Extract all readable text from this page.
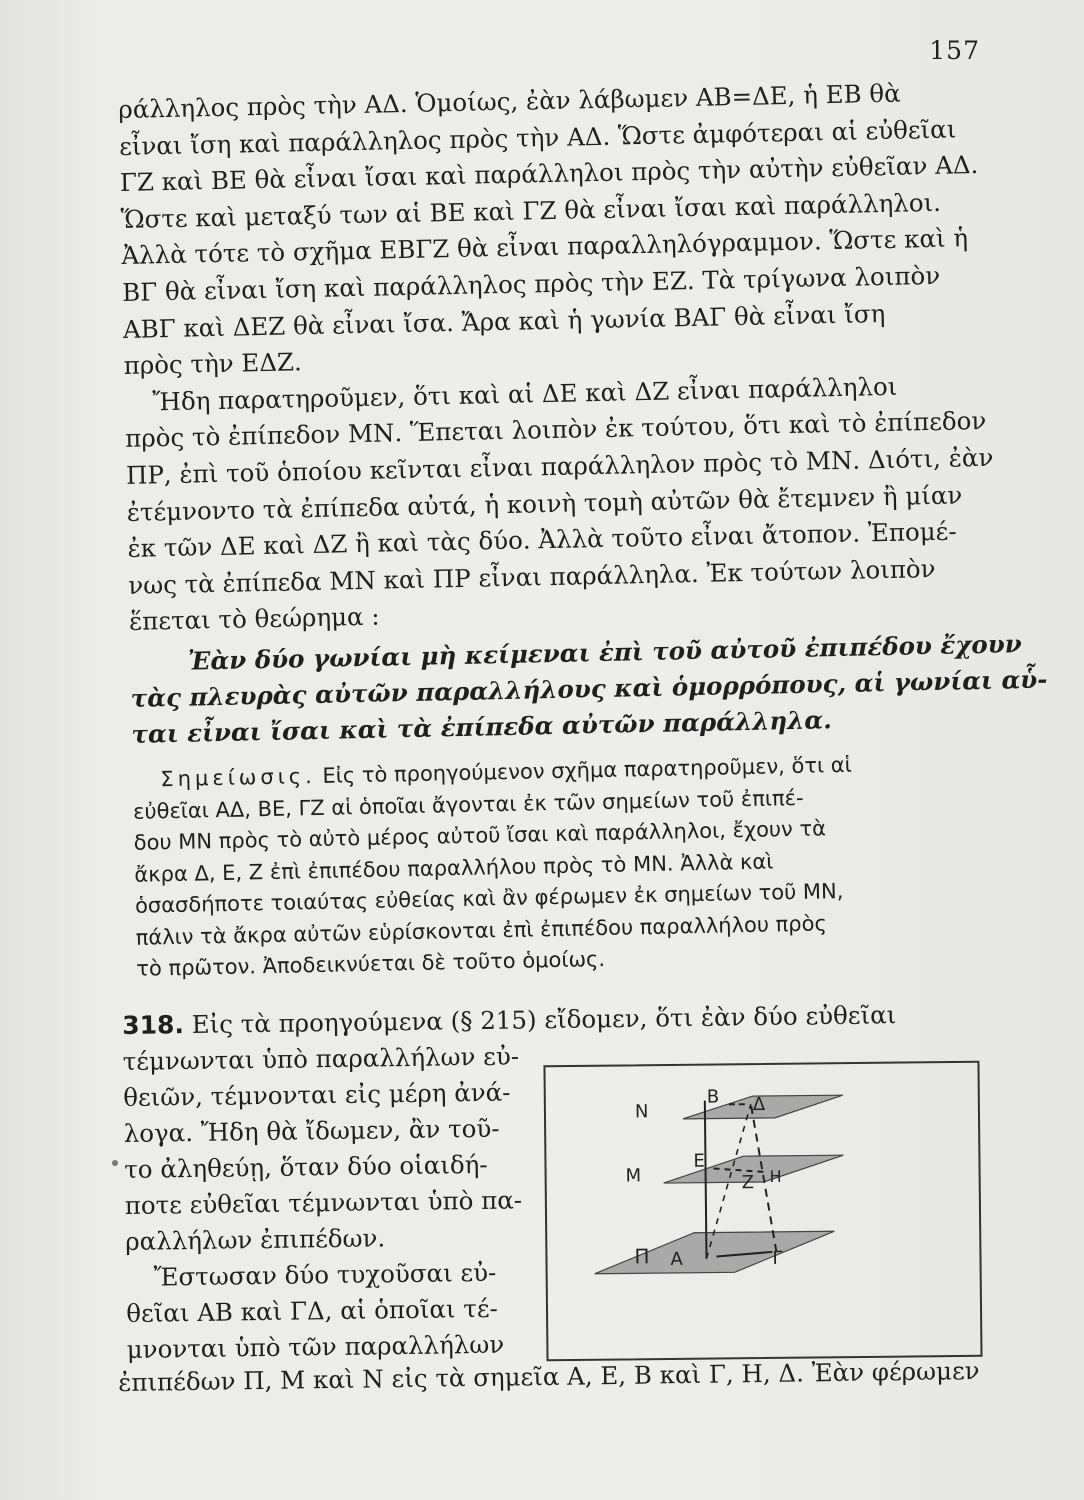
157
ράλληλος πρὸς τὴν ΑΔ. Ὁμοίως, ἐὰν λάβωμεν ΑΒ=ΔΕ, ἡ ΕΒ θὰ
εἶναι ἴση καὶ παράλληλος πρὸς τὴν ΑΔ. Ὥστε ἀμφότεραι αἱ εὐθεῖαι
ΓΖ καὶ ΒΕ θὰ εἶναι ἴσαι καὶ παράλληλοι πρὸς τὴν αὐτὴν εὐθεῖαν ΑΔ.
Ὥστε καὶ μεταξύ των αἱ ΒΕ καὶ ΓΖ θὰ εἶναι ἴσαι καὶ παράλληλοι.
Ἀλλὰ τότε τὸ σχῆμα ΕΒΓΖ θὰ εἶναι παραλληλόγραμμον. Ὥστε καὶ ἡ
ΒΓ θὰ εἶναι ἴση καὶ παράλληλος πρὸς τὴν ΕΖ. Τὰ τρίγωνα λοιπὸν
ΑΒΓ καὶ ΔΕΖ θὰ εἶναι ἴσα. Ἄρα καὶ ἡ γωνία ΒΑΓ θὰ εἶναι ἴση
πρὸς τὴν ΕΔΖ.
Ἤδη παρατηροῦμεν, ὅτι καὶ αἱ ΔΕ καὶ ΔΖ εἶναι παράλληλοι
πρὸς τὸ ἐπίπεδον ΜΝ. Ἕπεται λοιπὸν ἐκ τούτου, ὅτι καὶ τὸ ἐπίπεδον
ΠΡ, ἐπὶ τοῦ ὁποίου κεῖνται εἶναι παράλληλον πρὸς τὸ ΜΝ. Διότι, ἐὰν
ἐτέμνοντο τὰ ἐπίπεδα αὐτά, ἡ κοινὴ τομὴ αὐτῶν θὰ ἔτεμνεν ἢ μίαν
ἐκ τῶν ΔΕ καὶ ΔΖ ἢ καὶ τὰς δύο. Ἀλλὰ τοῦτο εἶναι ἄτοπον. Ἐπομέ-
νως τὰ ἐπίπεδα ΜΝ καὶ ΠΡ εἶναι παράλληλα. Ἐκ τούτων λοιπὸν
ἕπεται τὸ θεώρημα :
Ἐὰν δύο γωνίαι μὴ κείμεναι ἐπὶ τοῦ αὐτοῦ ἐπιπέδου ἔχουν
τὰς πλευρὰς αὐτῶν παραλλήλους καὶ ὁμορρόπους, αἱ γωνίαι αὗ-
ται εἶναι ἴσαι καὶ τὰ ἐπίπεδα αὐτῶν παράλληλα.
Σημείωσις. Εἰς τὸ προηγούμενον σχῆμα παρατηροῦμεν, ὅτι αἱ
εὐθεῖαι ΑΔ, ΒΕ, ΓΖ αἱ ὁποῖαι ἄγονται ἐκ τῶν σημείων τοῦ ἐπιπέ-
δου ΜΝ πρὸς τὸ αὐτὸ μέρος αὐτοῦ ἴσαι καὶ παράλληλοι, ἔχουν τὰ
ἄκρα Δ, Ε, Ζ ἐπὶ ἐπιπέδου παραλλήλου πρὸς τὸ ΜΝ. Ἀλλὰ καὶ
ὁσασδήποτε τοιαύτας εὐθείας καὶ ἂν φέρωμεν ἐκ σημείων τοῦ ΜΝ,
πάλιν τὰ ἄκρα αὐτῶν εὑρίσκονται ἐπὶ ἐπιπέδου παραλλήλου πρὸς
τὸ πρῶτον. Ἀποδεικνύεται δὲ τοῦτο ὁμοίως.
318. Εἰς τὰ προηγούμενα (§ 215) εἴδομεν, ὅτι ἐὰν δύο εὐθεῖαι
τέμνωνται ὑπὸ παραλλήλων εὐ-
θειῶν, τέμνονται εἰς μέρη ἀνά-
λογα. Ἤδη θὰ ἴδωμεν, ἂν τοῦ-
το ἀληθεύῃ, ὅταν δύο οἱαιδή-
ποτε εὐθεῖαι τέμνωνται ὑπὸ πα-
ραλλήλων ἐπιπέδων.
Ἔστωσαν δύο τυχοῦσαι εὐ-
θεῖαι ΑΒ καὶ ΓΔ, αἱ ὁποῖαι τέ-
μνονται ὑπὸ τῶν παραλλήλων
Ν
Μ
Π
Β Δ
Ε
Ζ Η
Α	Γ
ἐπιπέδων Π, Μ καὶ Ν εἰς τὰ σημεῖα Α, Ε, Β καὶ Γ, Η, Δ. Ἐὰν φέρωμεν
